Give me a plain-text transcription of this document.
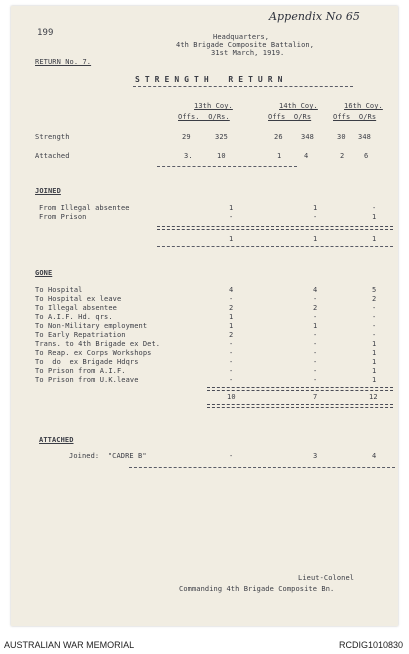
199
Appendix No 65
Headquarters,
4th Brigade Composite Battalion,
31st March, 1919.
RETURN No. 7.
S T R E N G T H    R E T U R N
13th Coy.	14th Coy.	16th Coy.
Offs.  O/Rs.	Offs  O/Rs	Offs  O/Rs
Strength	29	325	26	348	30 348
Attached	3.	10	1	4	2	6
JOINED
From Illegal absentee	1	1	-
From Prison	-	-	1
1	1	1
GONE
To Hospital	4	4	5
To Hospital ex leave	-	-	2
To Illegal absentee	2	2	-
To A.I.F. Hd. qrs.	1	-	-
To Non-Military employment	1	1	-
To Early Repatriation	2	-	-
Trans. to 4th Brigade ex Det.	-	-	1
To Reap. ex Corps Workshops	-	-	1
To  do  ex Brigade Hdqrs	-	-	1
To Prison from A.I.F.	-	-	1
To Prison from U.K.leave	-	-	1
10	7	12
ATTACHED
Joined:  "CADRE B"	-	3	4
Lieut-Colonel
Commanding 4th Brigade Composite Bn.
AUSTRALIAN WAR MEMORIAL	RCDIG1010830
